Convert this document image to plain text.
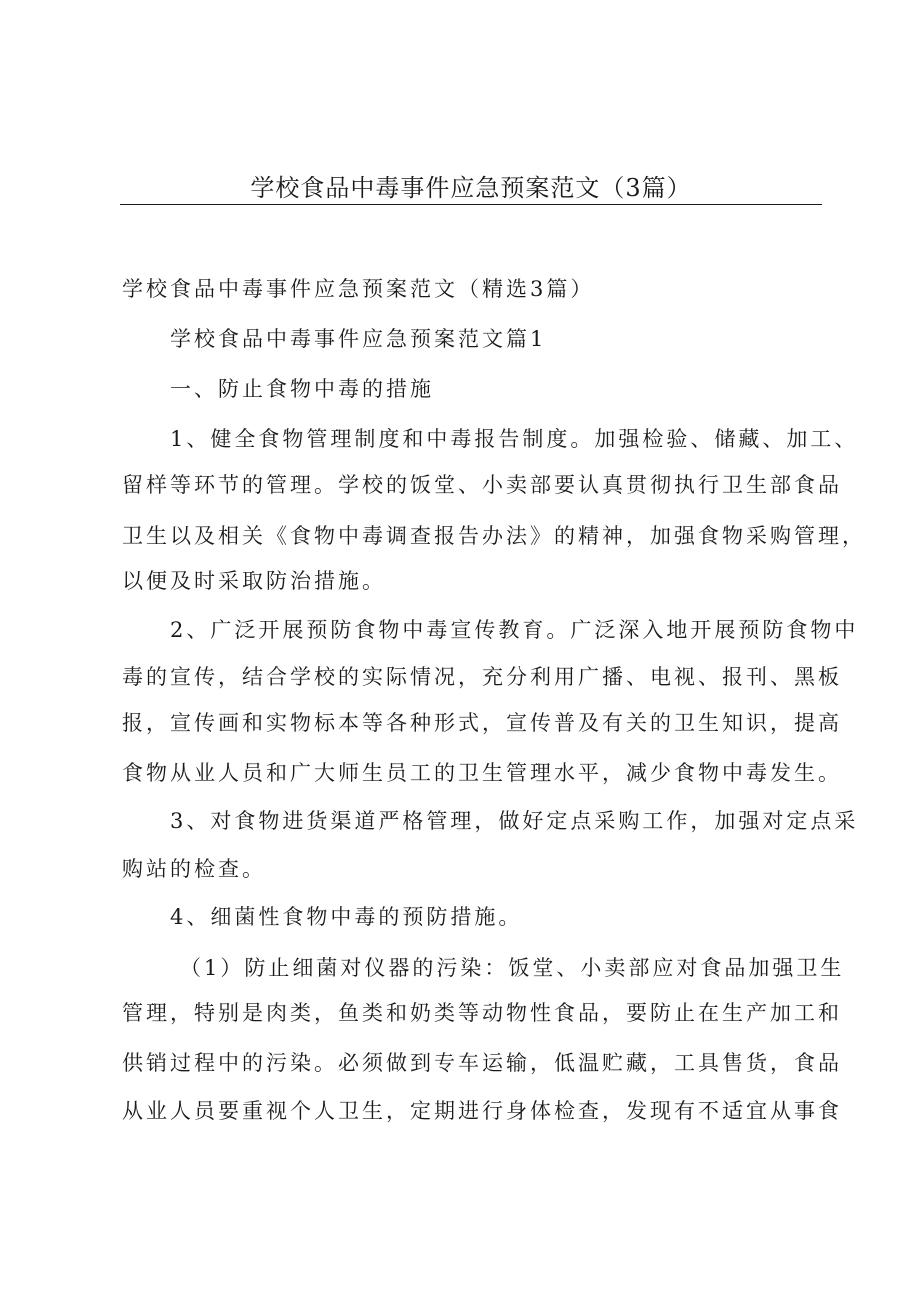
学校食品中毒事件应急预案范文（3篇）
学校食品中毒事件应急预案范文（精选3篇）
学校食品中毒事件应急预案范文篇1
一、防止食物中毒的措施
1、健全食物管理制度和中毒报告制度。加强检验、储藏、加工、
留样等环节的管理。学校的饭堂、小卖部要认真贯彻执行卫生部食品
卫生以及相关《食物中毒调查报告办法》的精神，加强食物采购管理，
以便及时采取防治措施。
2、广泛开展预防食物中毒宣传教育。广泛深入地开展预防食物中
毒的宣传，结合学校的实际情况，充分利用广播、电视、报刊、黑板
报，宣传画和实物标本等各种形式，宣传普及有关的卫生知识，提高
食物从业人员和广大师生员工的卫生管理水平，减少食物中毒发生。
3、对食物进货渠道严格管理，做好定点采购工作，加强对定点采
购站的检查。
4、细菌性食物中毒的预防措施。
（1）防止细菌对仪器的污染：饭堂、小卖部应对食品加强卫生
管理，特别是肉类，鱼类和奶类等动物性食品，要防止在生产加工和
供销过程中的污染。必须做到专车运输，低温贮藏，工具售货，食品
从业人员要重视个人卫生，定期进行身体检查，发现有不适宜从事食
